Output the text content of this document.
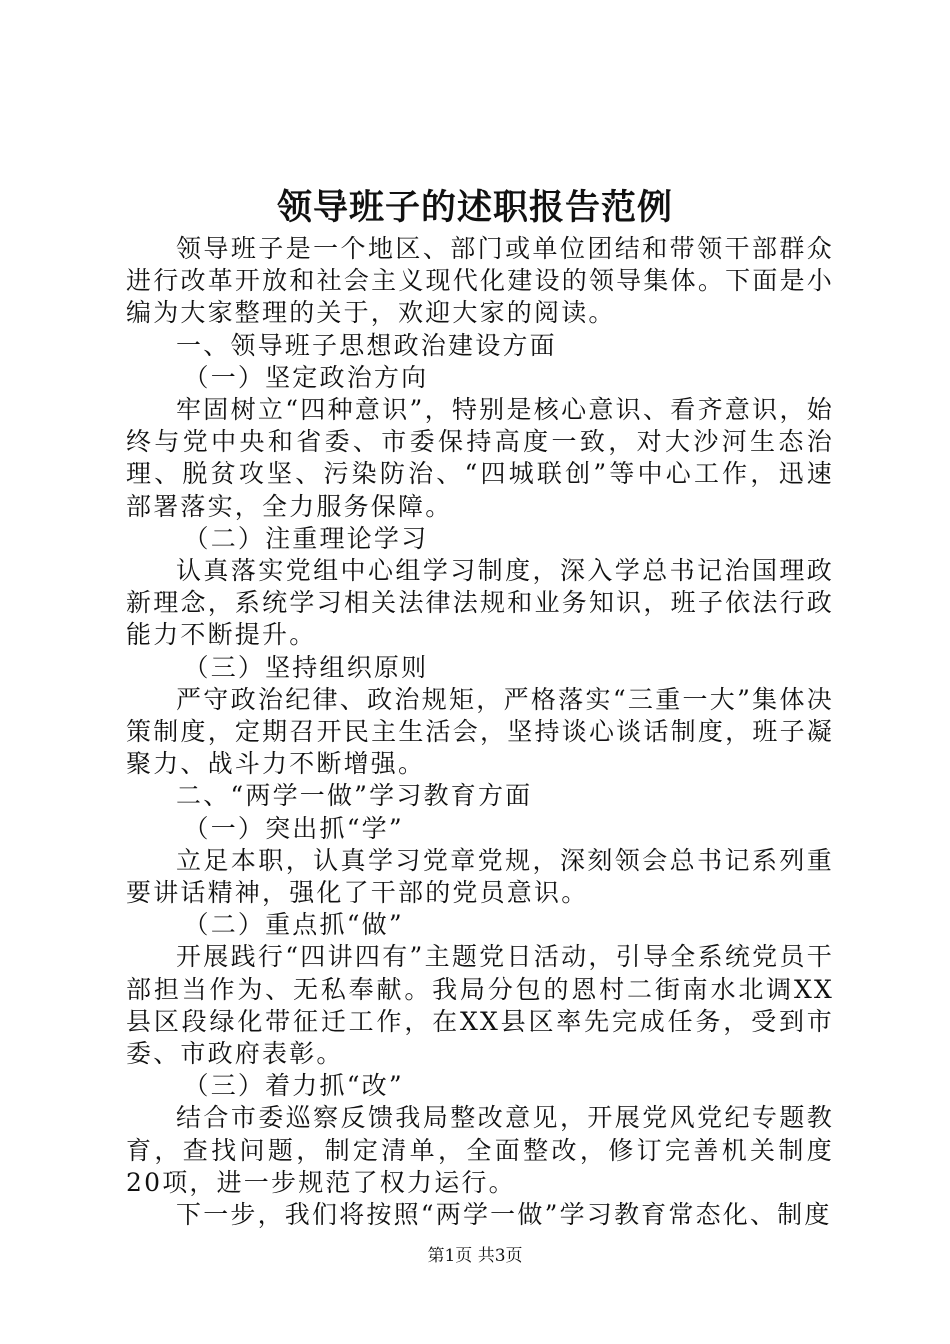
领导班子的述职报告范例

领导班子是一个地区、部门或单位团结和带领干部群众进行改革开放和社会主义现代化建设的领导集体。下面是小编为大家整理的关于，欢迎大家的阅读。

一、领导班子思想政治建设方面

（一）坚定政治方向

牢固树立“四种意识”，特别是核心意识、看齐意识，始终与党中央和省委、市委保持高度一致，对大沙河生态治理、脱贫攻坚、污染防治、“四城联创”等中心工作，迅速部署落实，全力服务保障。

（二）注重理论学习

认真落实党组中心组学习制度，深入学总书记治国理政新理念，系统学习相关法律法规和业务知识，班子依法行政能力不断提升。

（三）坚持组织原则

严守政治纪律、政治规矩，严格落实“三重一大”集体决策制度，定期召开民主生活会，坚持谈心谈话制度，班子凝聚力、战斗力不断增强。

二、“两学一做”学习教育方面

（一）突出抓“学”

立足本职，认真学习党章党规，深刻领会总书记系列重要讲话精神，强化了干部的党员意识。

（二）重点抓“做”

开展践行“四讲四有”主题党日活动，引导全系统党员干部担当作为、无私奉献。我局分包的恩村二街南水北调XX县区段绿化带征迁工作，在XX县区率先完成任务，受到市委、市政府表彰。

（三）着力抓“改”

结合市委巡察反馈我局整改意见，开展党风党纪专题教育，查找问题，制定清单，全面整改，修订完善机关制度20项，进一步规范了权力运行。

下一步，我们将按照“两学一做”学习教育常态化、制度

第1页 共3页
